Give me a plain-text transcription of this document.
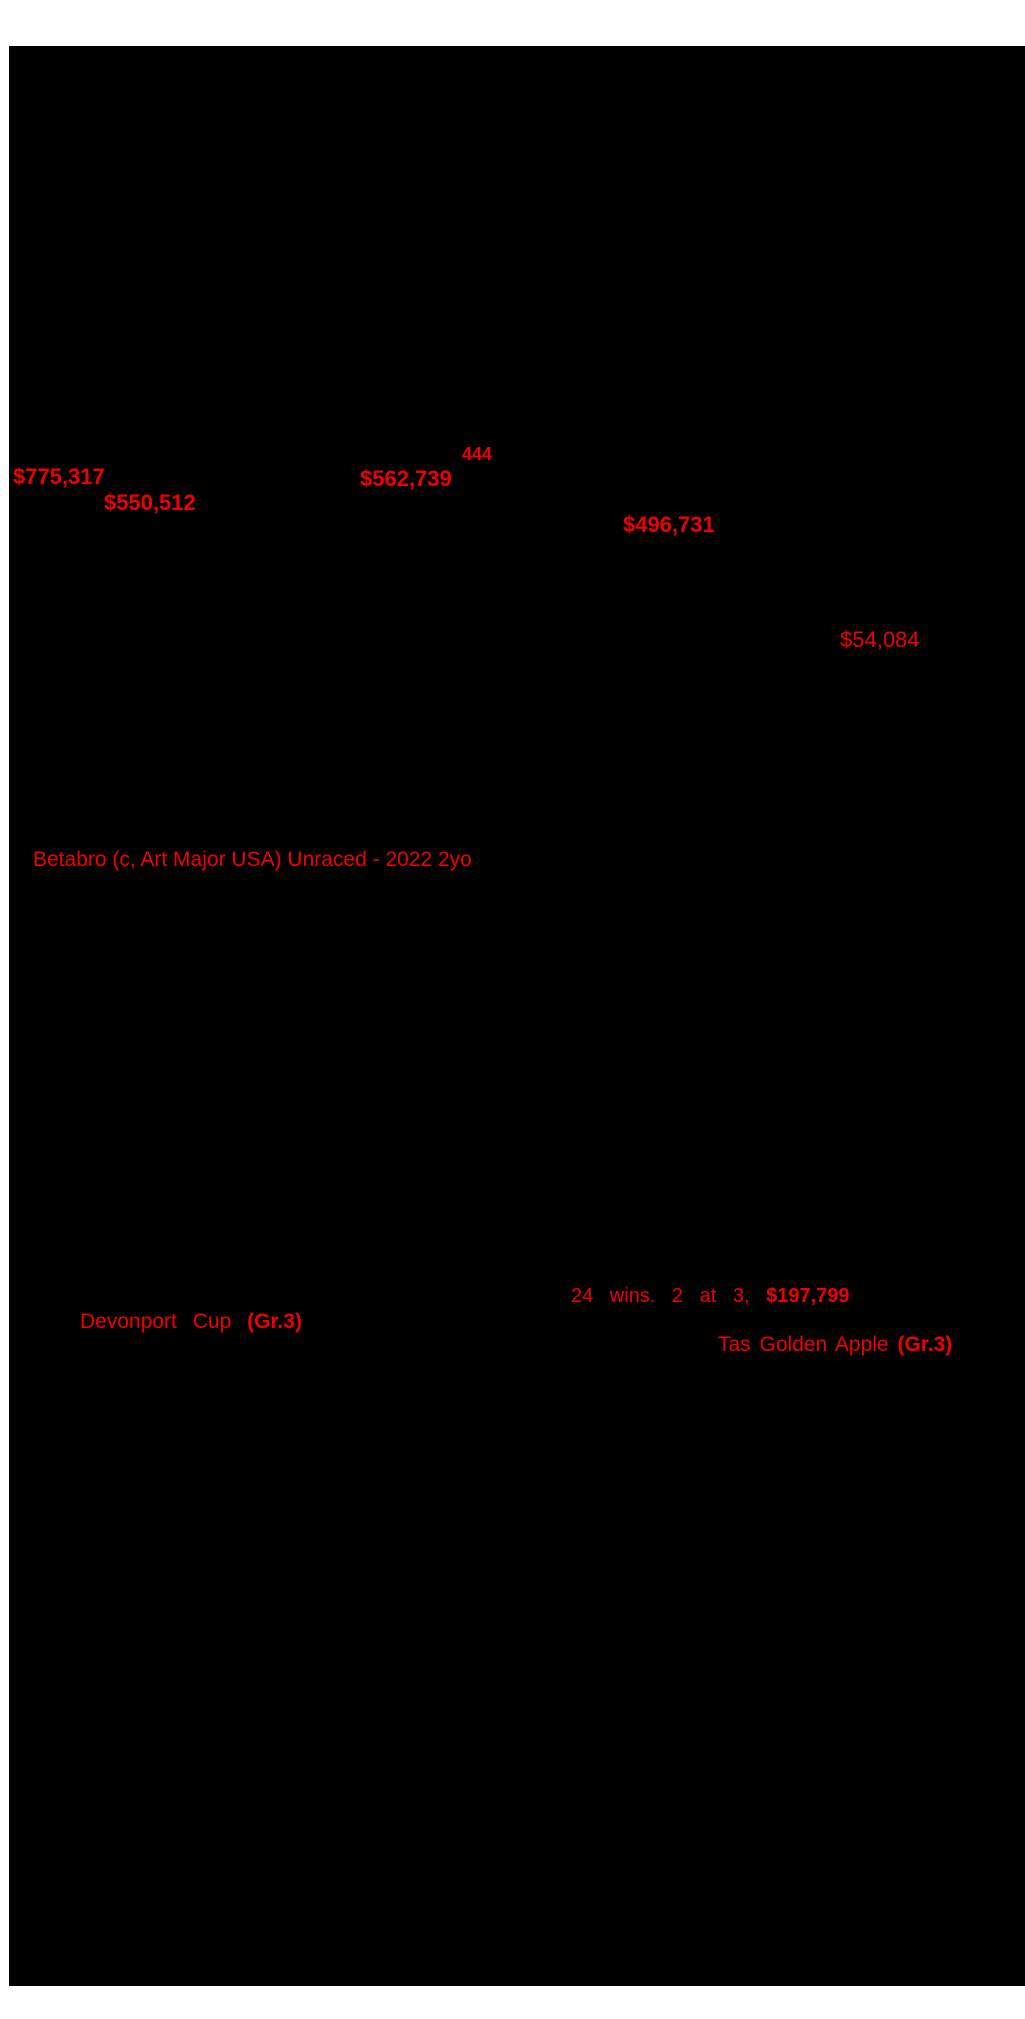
444
$775,317	$562,739
$550,512
$496,731
$54,084
Betabro (c, Art Major USA) Unraced - 2022 2yo
24 wins. 2 at 3, $197,799
Devonport Cup (Gr.3)
Tas Golden Apple (Gr.3)
